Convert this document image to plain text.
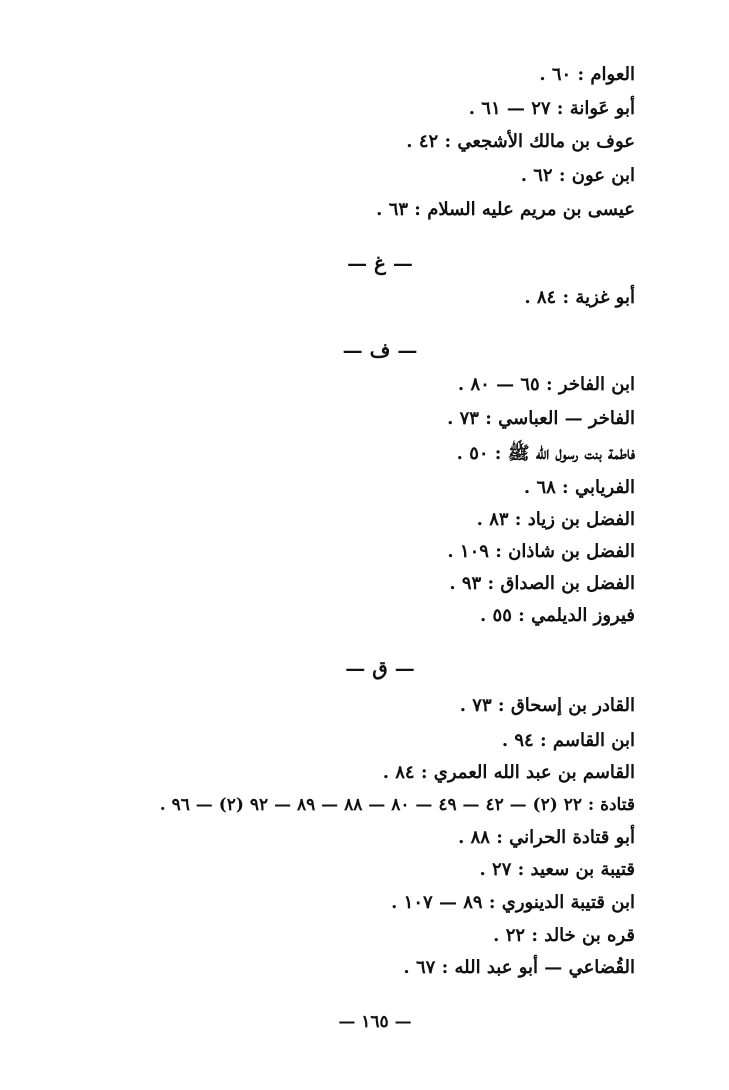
العوام : ٦٠ .
أبو عَوانة : ٢٧ — ٦١ .
عوف بن مالك الأشجعي : ٤٢ .
ابن عون : ٦٢ .
عيسى بن مريم عليه السلام : ٦٣ .
— غ —
أبو غزية : ٨٤ .
— ف —
ابن الفاخر : ٦٥ — ٨٠ .
الفاخر — العباسي : ٧٣ .
فاطمة بنت رسول الله ﷺ : ٥٠ .
الفريابي : ٦٨ .
الفضل بن زياد : ٨٣ .
الفضل بن شاذان : ١٠٩ .
الفضل بن الصداق : ٩٣ .
فيروز الديلمي : ٥٥ .
— ق —
القادر بن إسحاق : ٧٣ .
ابن القاسم : ٩٤ .
القاسم بن عبد الله العمري : ٨٤ .
قتادة : ٢٢ (٢) — ٤٢ — ٤٩ — ٨٠ — ٨٨ — ٨٩ — ٩٢ (٢) — ٩٦ .
أبو قتادة الحراني : ٨٨ .
قتيبة بن سعيد : ٢٧ .
ابن قتيبة الدينوري : ٨٩ — ١٠٧ .
قره بن خالد : ٢٢ .
القُضاعي — أبو عبد الله : ٦٧ .
— ١٦٥ —
